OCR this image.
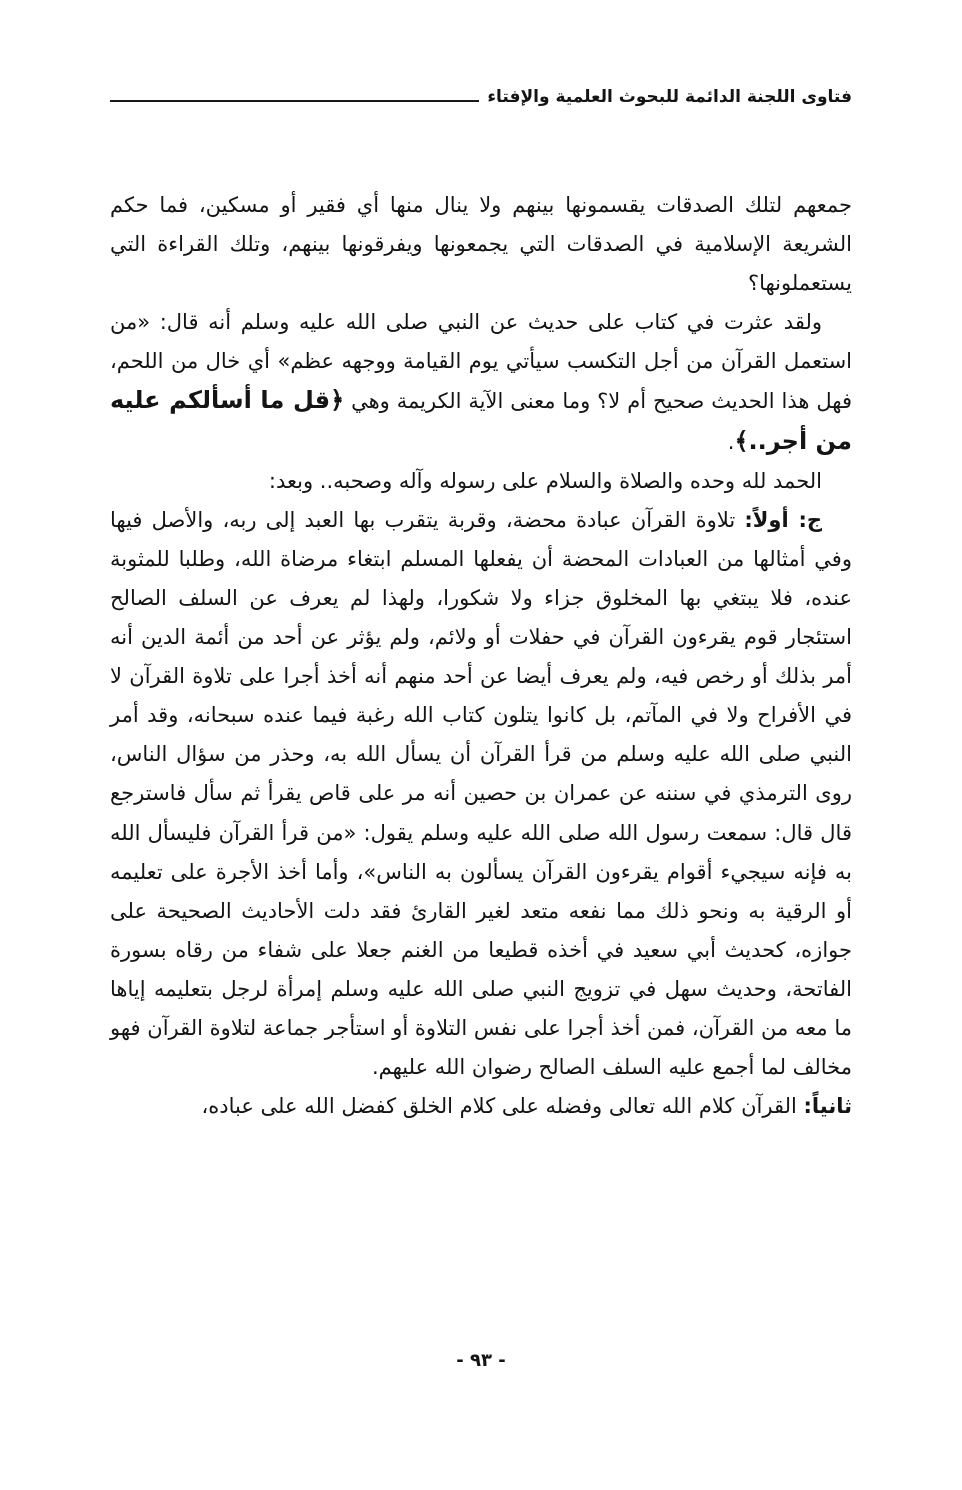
فتاوى اللجنة الدائمة للبحوث العلمية والإفتاء

جمعهم لتلك الصدقات يقسمونها بينهم ولا ينال منها أي فقير أو مسكين، فما حكم الشريعة الإسلامية في الصدقات التي يجمعونها ويفرقونها بينهم، وتلك القراءة التي يستعملونها؟

ولقد عثرت في كتاب على حديث عن النبي صلى الله عليه وسلم أنه قال: «من استعمل القرآن من أجل التكسب سيأتي يوم القيامة ووجهه عظم» أي خال من اللحم، فهل هذا الحديث صحيح أم لا؟ وما معنى الآية الكريمة وهي ﴿قل ما أسألكم عليه من أجر..﴾.

الحمد لله وحده والصلاة والسلام على رسوله وآله وصحبه.. وبعد:

ج: أولاً: تلاوة القرآن عبادة محضة، وقربة يتقرب بها العبد إلى ربه، والأصل فيها وفي أمثالها من العبادات المحضة أن يفعلها المسلم ابتغاء مرضاة الله، وطلبا للمثوبة عنده، فلا يبتغي بها المخلوق جزاء ولا شكورا، ولهذا لم يعرف عن السلف الصالح استئجار قوم يقرءون القرآن في حفلات أو ولائم، ولم يؤثر عن أحد من أئمة الدين أنه أمر بذلك أو رخص فيه، ولم يعرف أيضا عن أحد منهم أنه أخذ أجرا على تلاوة القرآن لا في الأفراح ولا في المآتم، بل كانوا يتلون كتاب الله رغبة فيما عنده سبحانه، وقد أمر النبي صلى الله عليه وسلم من قرأ القرآن أن يسأل الله به، وحذر من سؤال الناس، روى الترمذي في سننه عن عمران بن حصين أنه مر على قاص يقرأ ثم سأل فاسترجع قال قال: سمعت رسول الله صلى الله عليه وسلم يقول: «من قرأ القرآن فليسأل الله به فإنه سيجيء أقوام يقرءون القرآن يسألون به الناس»، وأما أخذ الأجرة على تعليمه أو الرقية به ونحو ذلك مما نفعه متعد لغير القارئ فقد دلت الأحاديث الصحيحة على جوازه، كحديث أبي سعيد في أخذه قطيعا من الغنم جعلا على شفاء من رقاه بسورة الفاتحة، وحديث سهل في تزويج النبي صلى الله عليه وسلم إمرأة لرجل بتعليمه إياها ما معه من القرآن، فمن أخذ أجرا على نفس التلاوة أو استأجر جماعة لتلاوة القرآن فهو مخالف لما أجمع عليه السلف الصالح رضوان الله عليهم.

ثانياً: القرآن كلام الله تعالى وفضله على كلام الخلق كفضل الله على عباده،

- ٩٣ -
